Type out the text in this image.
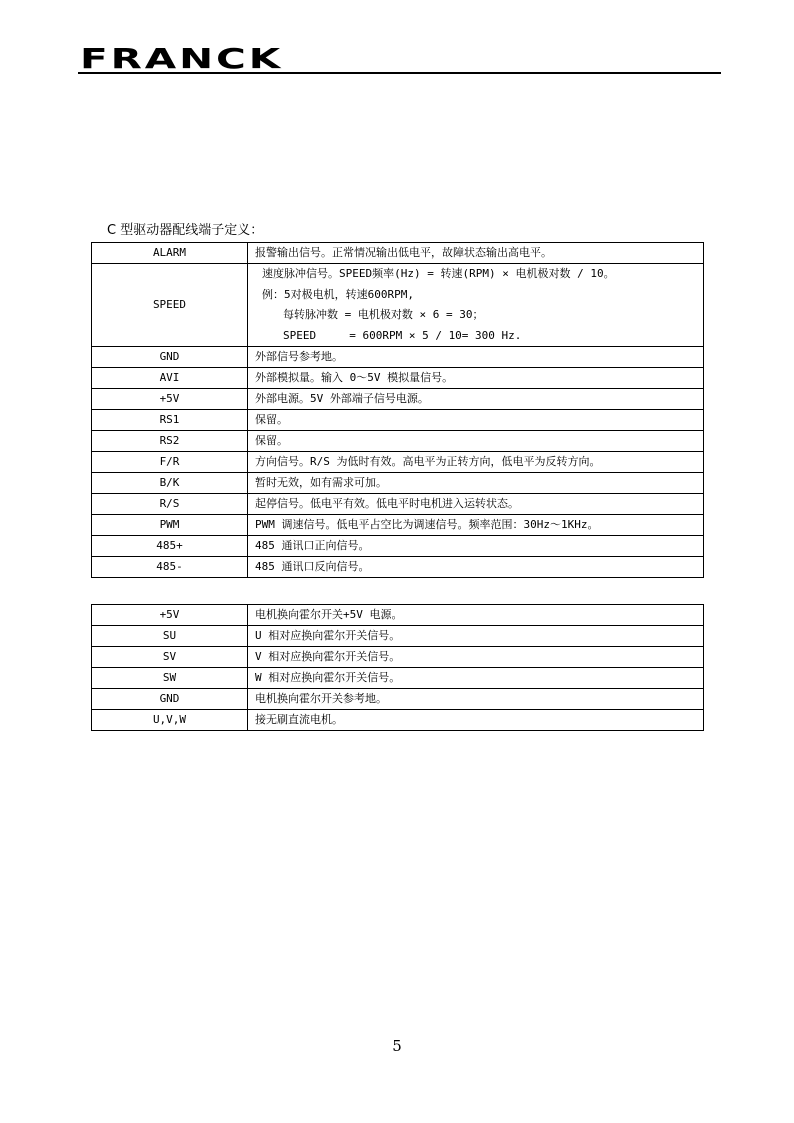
FRANCK
C 型驱动器配线端子定义：
ALARM	报警输出信号。正常情况输出低电平，故障状态输出高电平。
SPEED	速度脉冲信号。SPEED频率(Hz) = 转速(RPM) × 电机极对数 / 10。
例：5对极电机，转速600RPM,
每转脉冲数 = 电机极对数 × 6 = 30；
SPEED     = 600RPM × 5 / 10= 300 Hz.

GND	外部信号参考地。
AVI	外部模拟量。输入 0～5V 模拟量信号。
+5V	外部电源。5V 外部端子信号电源。
RS1	保留。
RS2	保留。
F/R	方向信号。R/S 为低时有效。高电平为正转方向，低电平为反转方向。
B/K	暂时无效，如有需求可加。
R/S	起停信号。低电平有效。低电平时电机进入运转状态。
PWM	PWM 调速信号。低电平占空比为调速信号。频率范围：30Hz～1KHz。
485+	485 通讯口正向信号。
485-	485 通讯口反向信号。
+5V	电机换向霍尔开关+5V 电源。
SU	U 相对应换向霍尔开关信号。
SV	V 相对应换向霍尔开关信号。
SW	W 相对应换向霍尔开关信号。
GND	电机换向霍尔开关参考地。
U,V,W	接无刷直流电机。
5
